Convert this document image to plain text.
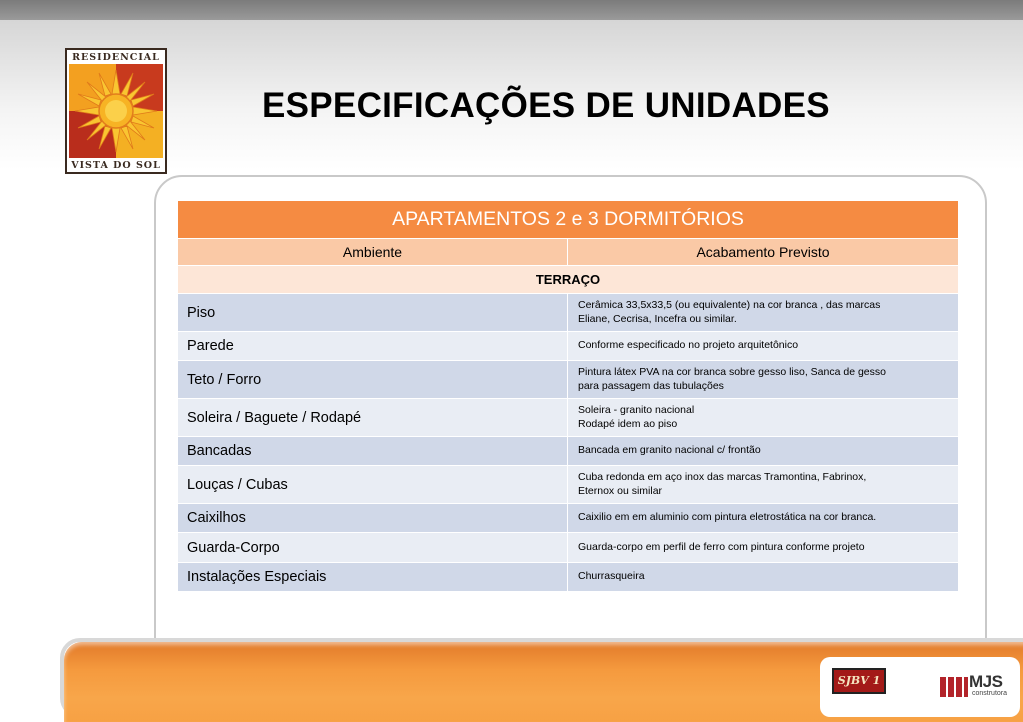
RESIDENCIAL
VISTA DO SOL
ESPECIFICAÇÕES DE UNIDADES
APARTAMENTOS 2 e 3 DORMITÓRIOS	
Ambiente	Acabamento Previsto
TERRAÇO	
Piso	Cerâmica 33,5x33,5 (ou equivalente) na cor branca , das marcas
Eliane, Cecrisa, Incefra ou similar.
Parede	Conforme especificado no projeto arquitetônico
Teto / Forro	Pintura látex PVA na cor branca sobre gesso liso, Sanca de gesso
para passagem das tubulações
Soleira / Baguete / Rodapé	Soleira - granito nacional
Rodapé idem ao piso
Bancadas	Bancada em granito nacional c/ frontão
Louças / Cubas	Cuba redonda em aço inox das marcas Tramontina, Fabrinox,
Eternox ou similar
Caixilhos	Caixilio em em aluminio com pintura eletrostática na cor branca.
Guarda-Corpo	Guarda-corpo em perfil de ferro com pintura conforme projeto
Instalações Especiais	Churrasqueira
SJBV 1	MJS
construtora
